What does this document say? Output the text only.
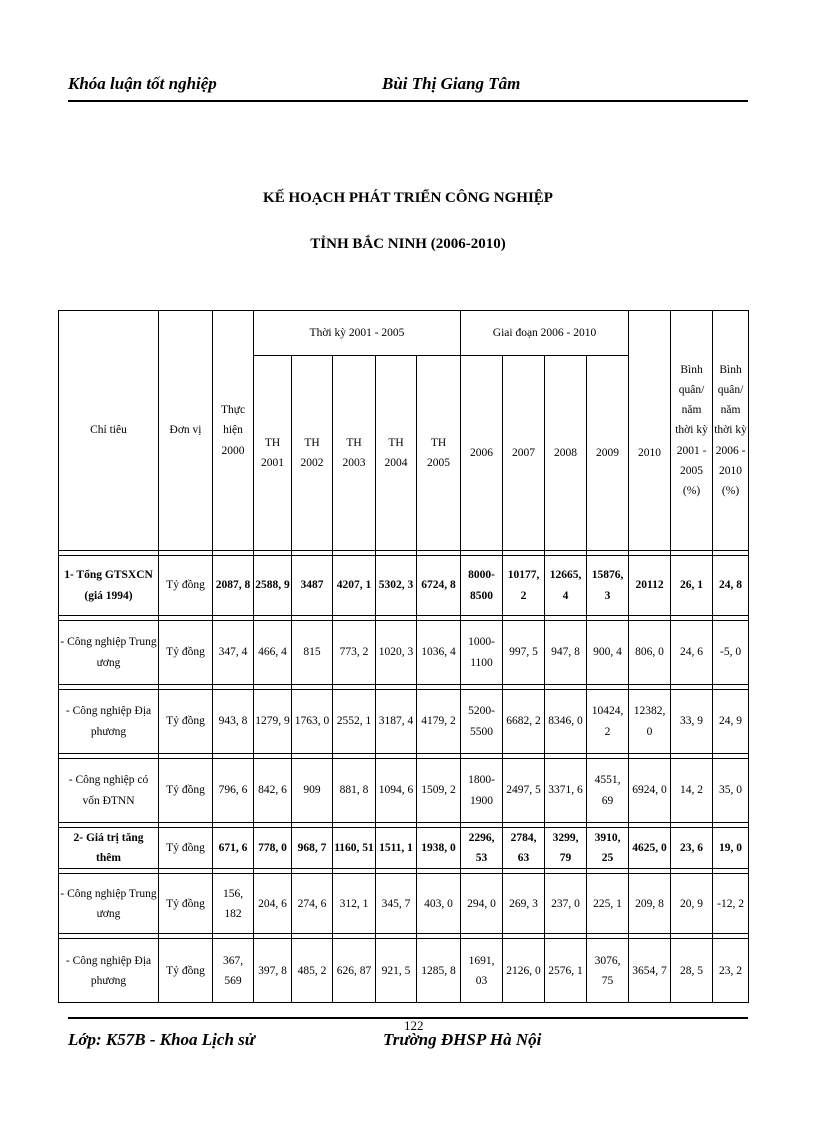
Khóa luận tốt nghiệp	Bùi Thị Giang Tâm
KẾ HOẠCH PHÁT TRIỂN CÔNG NGHIỆP
TỈNH BẮC NINH (2006-2010)
Chỉ tiêu	Đơn vị	Thực hiện 2000	Thời kỳ 2001 - 2005					Giai đoạn 2006 - 2010					Bình quân/ năm thời kỳ 2001 - 2005 (%)	Bình quân/ năm thời kỳ 2006 - 2010 (%)
			TH 2001	TH 2002	TH 2003	TH 2004	TH 2005	2006	2007	2008	2009	2010		

1- Tổng GTSXCN (giá 1994)	Tỷ đồng	2087, 8	2588, 9	3487	4207, 1	5302, 3	6724, 8	8000- 8500	10177, 2	12665, 4	15876, 3	20112	26, 1	24, 8

- Công nghiệp Trung ương	Tỷ đồng	347, 4	466, 4	815	773, 2	1020, 3	1036, 4	1000- 1100	997, 5	947, 8	900, 4	806, 0	24, 6	-5, 0

- Công nghiệp Địa phương	Tỷ đồng	943, 8	1279, 9	1763, 0	2552, 1	3187, 4	4179, 2	5200- 5500	6682, 2	8346, 0	10424, 2	12382, 0	33, 9	24, 9

- Công nghiệp có vốn ĐTNN	Tỷ đồng	796, 6	842, 6	909	881, 8	1094, 6	1509, 2	1800- 1900	2497, 5	3371, 6	4551, 69	6924, 0	14, 2	35, 0

2- Giá trị tăng thêm	Tỷ đồng	671, 6	778, 0	968, 7	1160, 51	1511, 1	1938, 0	2296, 53	2784, 63	3299, 79	3910, 25	4625, 0	23, 6	19, 0

- Công nghiệp Trung ương	Tỷ đồng	156, 182	204, 6	274, 6	312, 1	345, 7	403, 0	294, 0	269, 3	237, 0	225, 1	209, 8	20, 9	-12, 2

- Công nghiệp Địa phương	Tỷ đồng	367, 569	397, 8	485, 2	626, 87	921, 5	1285, 8	1691, 03	2126, 0	2576, 1	3076, 75	3654, 7	28, 5	23, 2
122
Lớp: K57B - Khoa Lịch sử	Trường ĐHSP Hà Nội
